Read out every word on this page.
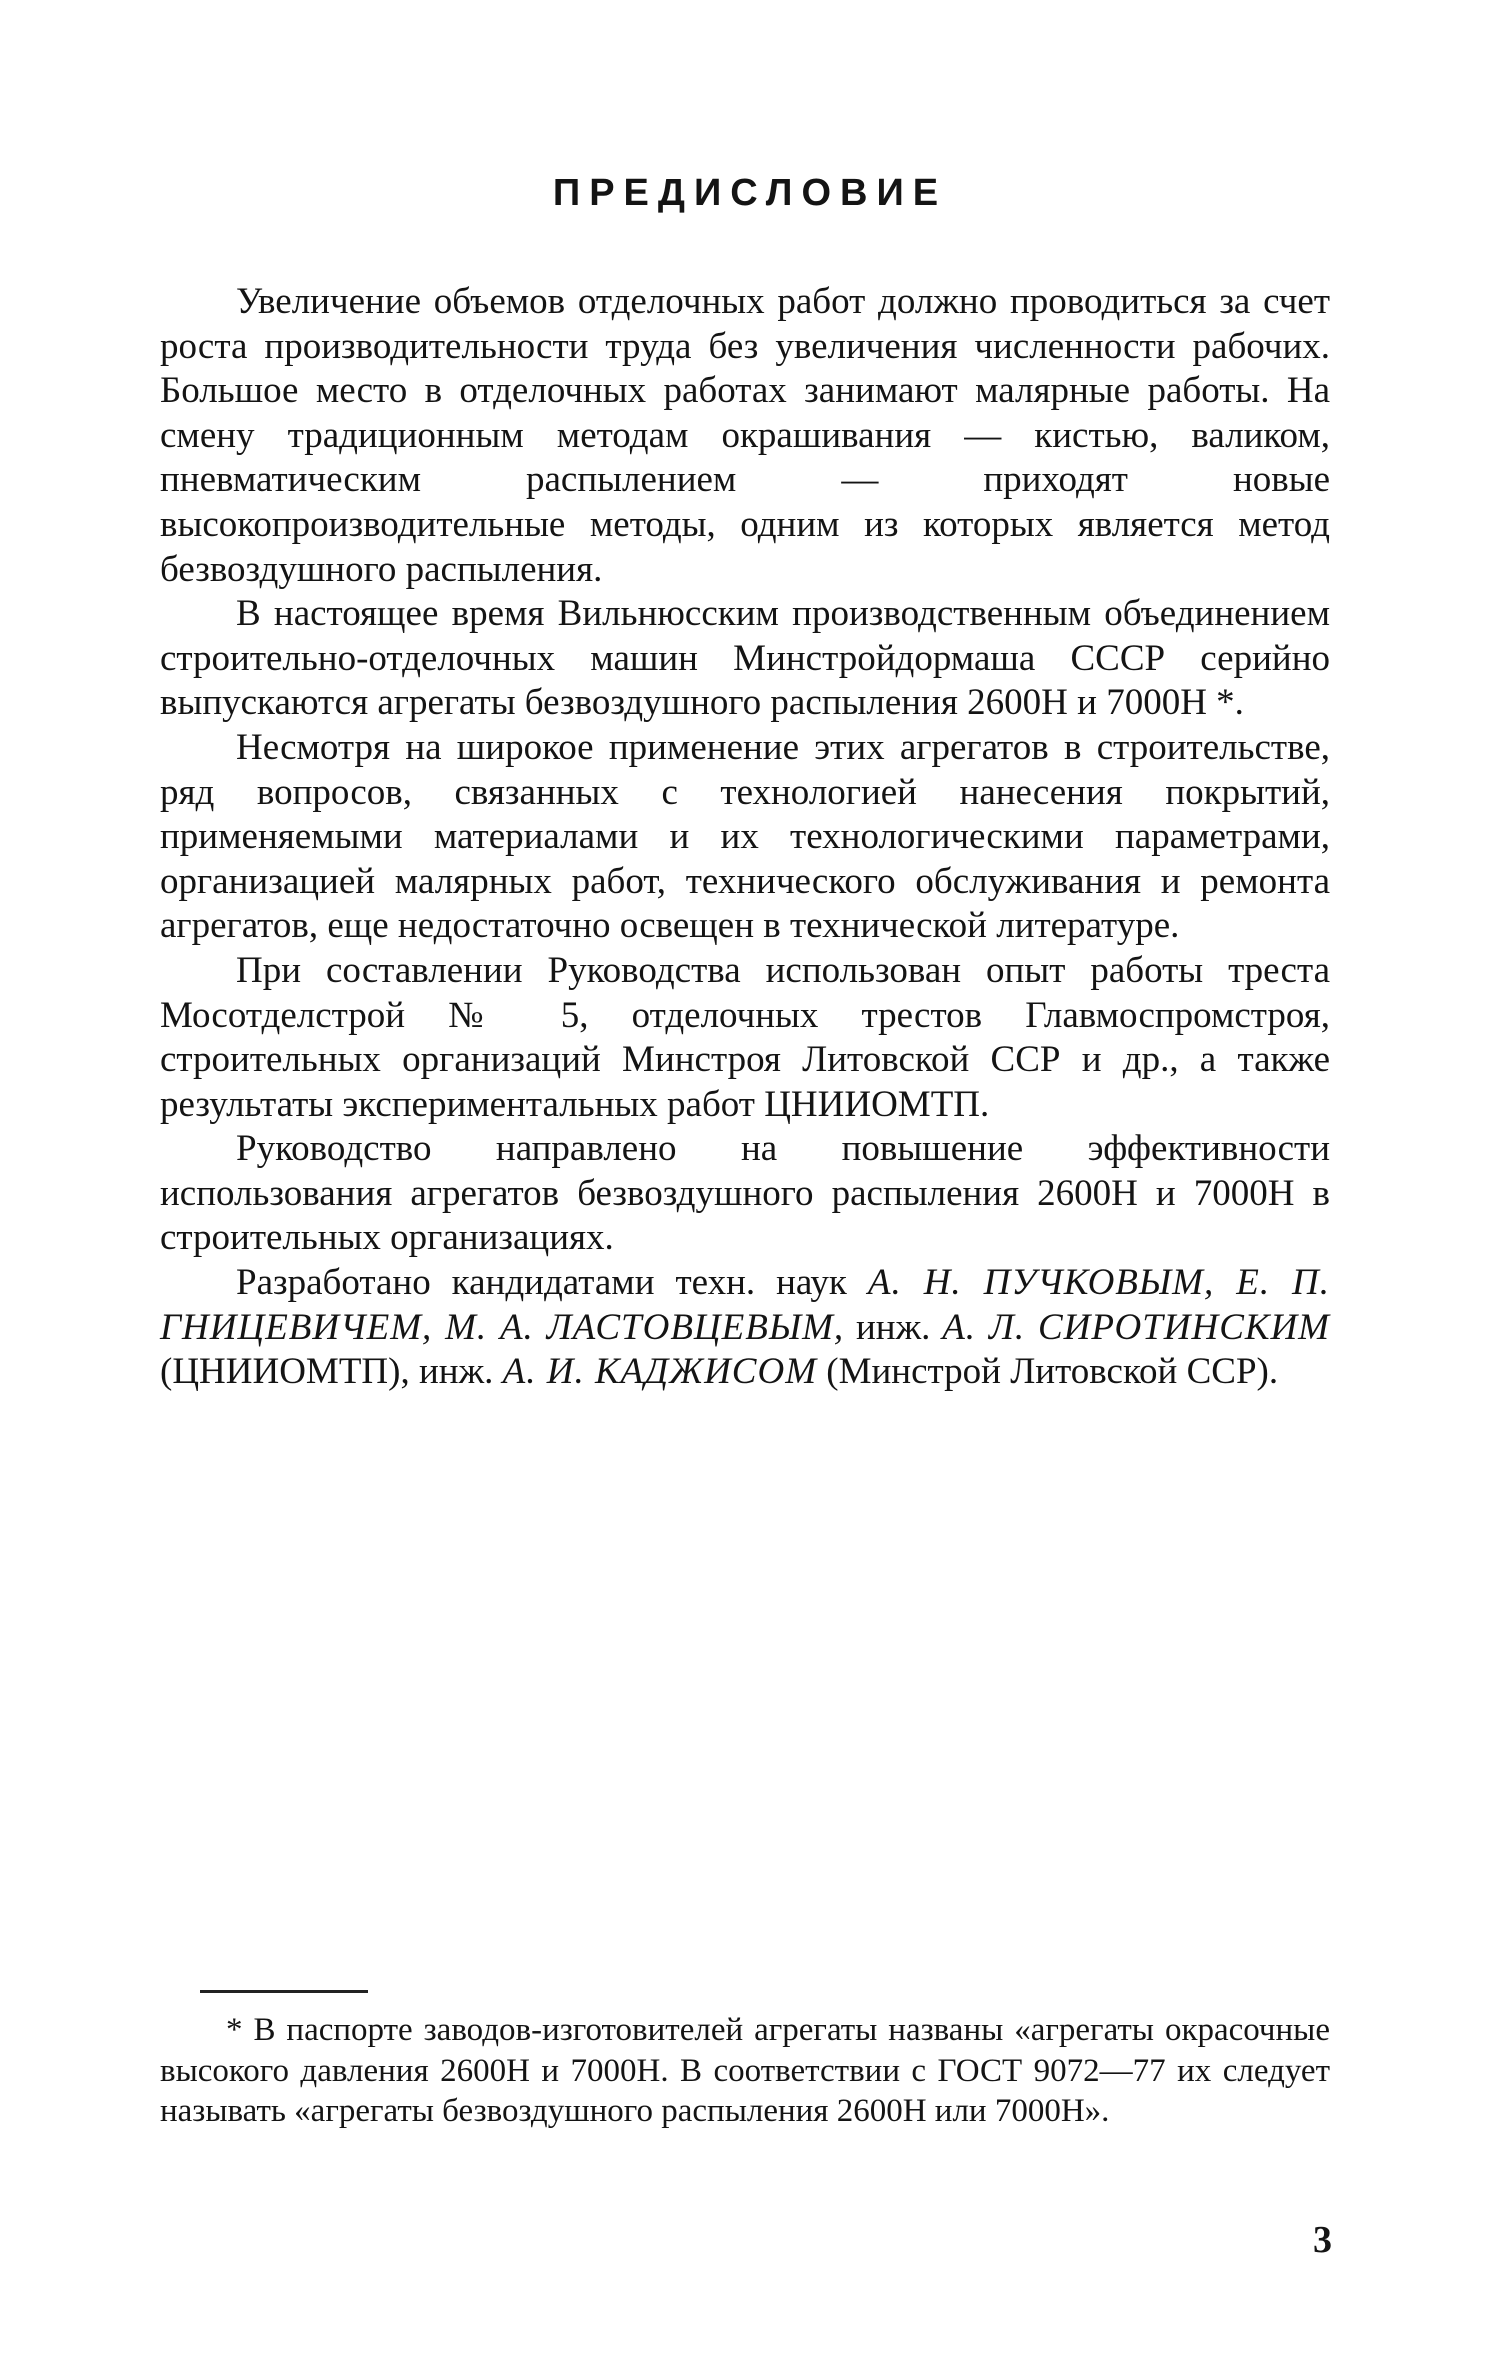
ПРЕДИСЛОВИЕ

Увеличение объемов отделочных работ должно проводиться за счет роста производительности труда без увеличения численности рабочих. Большое место в отделочных работах занимают малярные работы. На смену традиционным методам окрашивания — кистью, валиком, пневматическим распылением — приходят новые высокопроизводительные методы, одним из которых является метод безвоздушного распыления.

В настоящее время Вильнюсским производственным объединением строительно-отделочных машин Минстройдормаша СССР серийно выпускаются агрегаты безвоздушного распыления 2600Н и 7000Н *.

Несмотря на широкое применение этих агрегатов в строительстве, ряд вопросов, связанных с технологией нанесения покрытий, применяемыми материалами и их технологическими параметрами, организацией малярных работ, технического обслуживания и ремонта агрегатов, еще недостаточно освещен в технической литературе.

При составлении Руководства использован опыт работы треста Мосотделстрой № 5, отделочных трестов Главмоспромстроя, строительных организаций Минстроя Литовской ССР и др., а также результаты экспериментальных работ ЦНИИОМТП.

Руководство направлено на повышение эффективности использования агрегатов безвоздушного распыления 2600Н и 7000Н в строительных организациях.

Разработано кандидатами техн. наук А. Н. ПУЧКОВЫМ, Е. П. ГНИЦЕВИЧЕМ, М. А. ЛАСТОВЦЕВЫМ, инж. А. Л. СИРОТИНСКИМ (ЦНИИОМТП), инж. А. И. КАДЖИСОМ (Минстрой Литовской ССР).

* В паспорте заводов-изготовителей агрегаты названы «агрегаты окрасочные высокого давления 2600Н и 7000Н. В соответствии с ГОСТ 9072—77 их следует называть «агрегаты безвоздушного распыления 2600Н или 7000Н».

3
